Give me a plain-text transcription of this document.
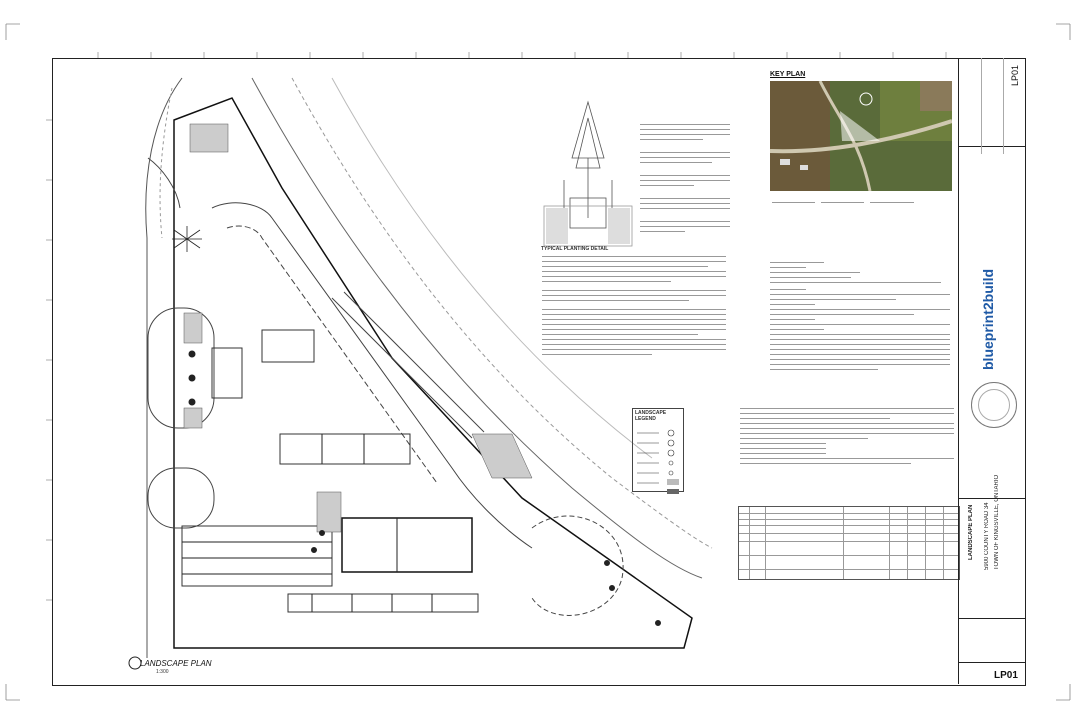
TYPICAL PLANTING DETAIL
LANDSCAPE LEGEND
KEY PLAN
LANDSCAPE PLAN
1:300
LP01
blueprint2build
LANDSCAPE PLAN 5900 COUNTY ROAD 34 TOWN OF KINGSVILLE, ONTARIO
LP01
